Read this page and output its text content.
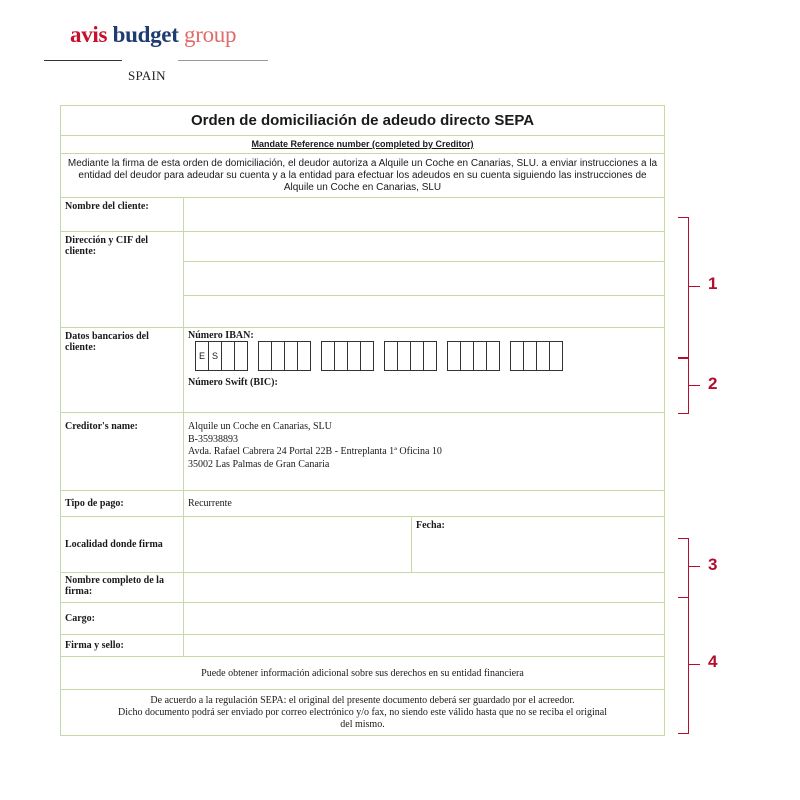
avis budget group
SPAIN
Orden de domiciliación de adeudo directo SEPA		
Mandate Reference number (completed by Creditor)		
Mediante la firma de esta orden de domiciliación, el deudor autoriza a Alquile un Coche en Canarias, SLU. a enviar instrucciones a la entidad del deudor para adeudar su cuenta y a la entidad para efectuar los adeudos en su cuenta siguiendo las instrucciones de Alquile un Coche en Canarias, SLU		
Nombre del cliente:		
Dirección y CIF del cliente:		

Datos bancarios del cliente:	Número IBAN:
E S
Número Swift (BIC):	

Creditor's name:	Alquile un Coche en Canarias, SLU
B-35938893
Avda. Rafael Cabrera 24 Portal 22B - Entreplanta 1ª Oficina 10
35002 Las Palmas de Gran Canaria	

Tipo de pago:	Recurrente	
Localidad donde firma		Fecha:
Nombre completo de la firma:		
Cargo:		
Firma y sello:		
Puede obtener información adicional sobre sus derechos en su entidad financiera		

De acuerdo a la regulación SEPA: el original del presente documento deberá ser guardado por el acreedor.
Dicho documento podrá ser enviado por correo electrónico y/o fax, no siendo este válido hasta que no se reciba el original
del mismo.		
1
2
3
4
